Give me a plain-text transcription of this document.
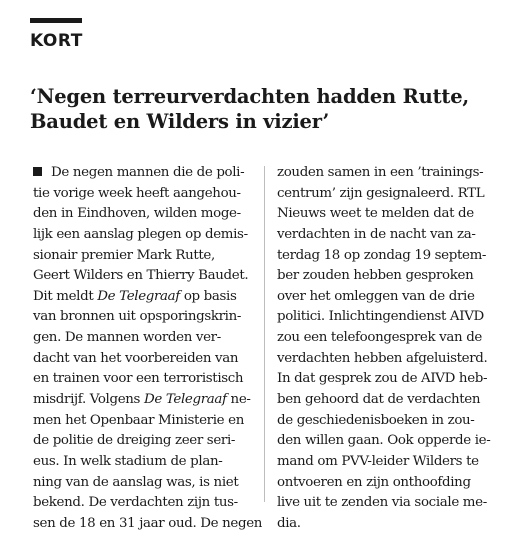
KORT
‘Negen terreurverdachten hadden Rutte,
Baudet en Wilders in vizier’
De negen mannen die de poli-
tie vorige week heeft aangehou-
den in Eindhoven, wilden moge-
lijk een aanslag plegen op demis-
sionair premier Mark Rutte,
Geert Wilders en Thierry Baudet.
Dit meldt De Telegraaf op basis
van bronnen uit opsporingskrin-
gen. De mannen worden ver-
dacht van het voorbereiden van
en trainen voor een terroristisch
misdrijf. Volgens De Telegraaf ne-
men het Openbaar Ministerie en
de politie de dreiging zeer seri-
eus. In welk stadium de plan-
ning van de aanslag was, is niet
bekend. De verdachten zijn tus-
sen de 18 en 31 jaar oud. De negen
zouden samen in een ’trainings-
centrum’ zijn gesignaleerd. RTL
Nieuws weet te melden dat de
verdachten in de nacht van za-
terdag 18 op zondag 19 septem-
ber zouden hebben gesproken
over het omleggen van de drie
politici. Inlichtingendienst AIVD
zou een telefoongesprek van de
verdachten hebben afgeluisterd.
In dat gesprek zou de AIVD heb-
ben gehoord dat de verdachten
de geschiedenisboeken in zou-
den willen gaan. Ook opperde ie-
mand om PVV-leider Wilders te
ontvoeren en zijn onthoofding
live uit te zenden via sociale me-
dia.
